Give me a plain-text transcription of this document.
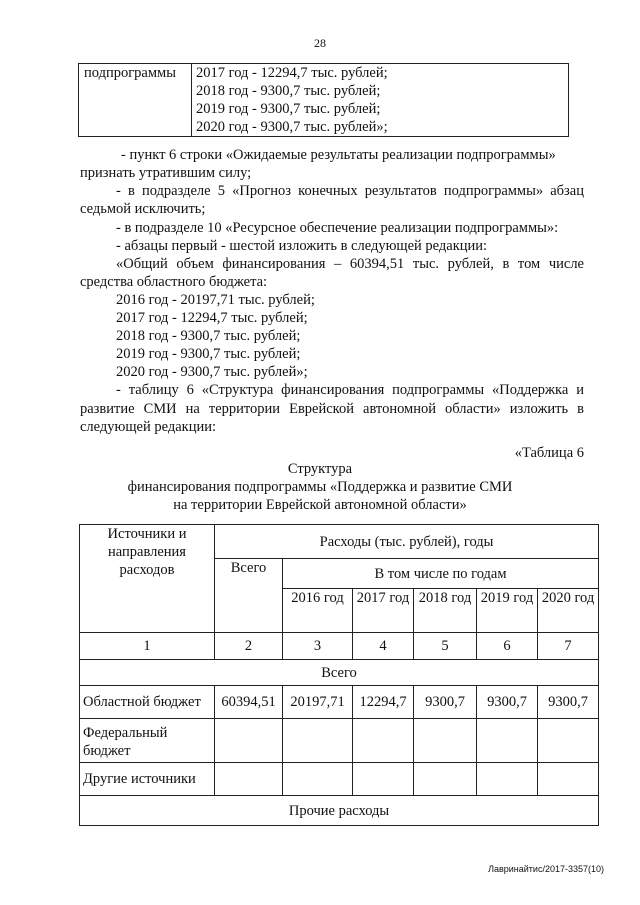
28
подпрограммы	2017 год - 12294,7 тыс. рублей;
2018 год - 9300,7 тыс. рублей;
2019 год - 9300,7 тыс. рублей;
2020 год - 9300,7 тыс. рублей»;
- пункт 6 строки «Ожидаемые результаты реализации подпрограммы»
признать утратившим силу;
- в подразделе 5 «Прогноз конечных результатов подпрограммы» абзац
седьмой исключить;
- в подразделе 10 «Ресурсное обеспечение реализации подпрограммы»:
- абзацы первый - шестой изложить в следующей редакции:
«Общий объем финансирования – 60394,51 тыс. рублей, в том числе
средства областного бюджета:
2016 год - 20197,71 тыс. рублей;
2017 год - 12294,7 тыс. рублей;
2018 год - 9300,7 тыс. рублей;
2019 год - 9300,7 тыс. рублей;
2020 год - 9300,7 тыс. рублей»;
- таблицу 6 «Структура финансирования подпрограммы «Поддержка и
развитие СМИ на территории Еврейской автономной области» изложить в
следующей редакции:
«Таблица 6
Структура
финансирования подпрограммы «Поддержка и развитие СМИ
на территории Еврейской автономной области»
Источники и направления расходов	Расходы (тыс. рублей), годы					
	Всего	В том числе по годам				
		2016 год	2017 год	2018 год	2019 год	2020 год
1	2	3	4	5	6	7
Всего						
Областной бюджет	60394,51	20197,71	12294,7	9300,7	9300,7	9300,7
Федеральный бюджет						
Другие источники						
Прочие расходы						
Лавринайтис/2017-3357(10)
